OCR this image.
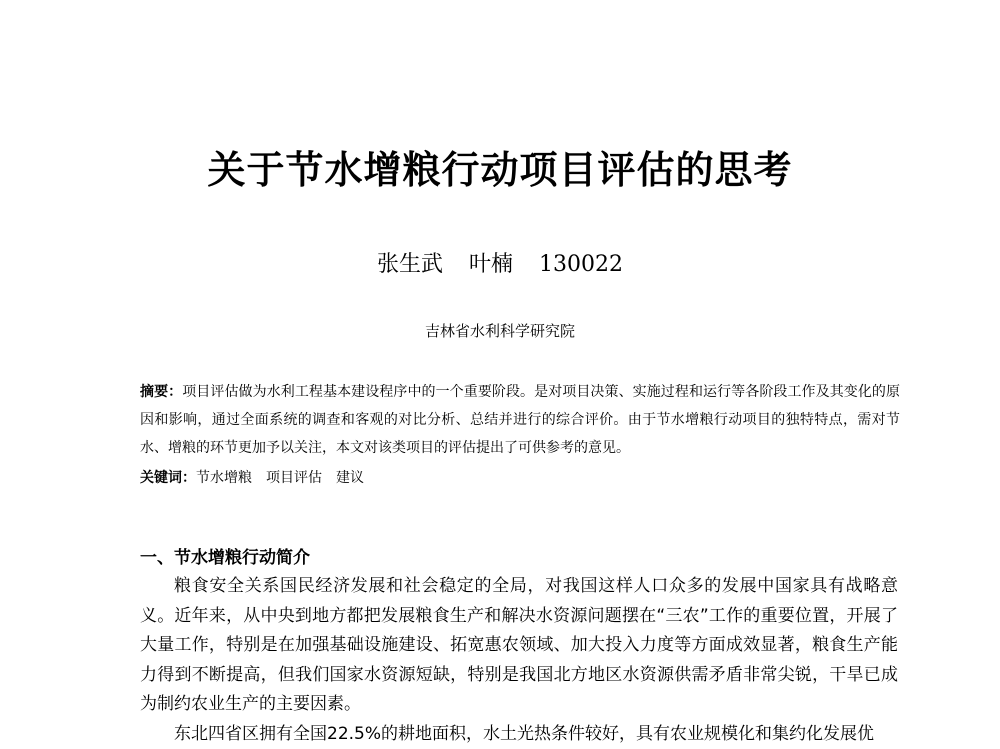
关于节水增粮行动项目评估的思考
张生武 叶楠 130022
吉林省水利科学研究院
摘要：项目评估做为水利工程基本建设程序中的一个重要阶段。是对项目决策、实施过程和运行等各阶段工作及其变化的原因和影响，通过全面系统的调查和客观的对比分析、总结并进行的综合评价。由于节水增粮行动项目的独特特点，需对节水、增粮的环节更加予以关注，本文对该类项目的评估提出了可供参考的意见。
关键词：节水增粮 项目评估 建议
一、节水增粮行动简介

粮食安全关系国民经济发展和社会稳定的全局，对我国这样人口众多的发展中国家具有战略意义。近年来，从中央到地方都把发展粮食生产和解决水资源问题摆在“三农”工作的重要位置，开展了大量工作，特别是在加强基础设施建设、拓宽惠农领域、加大投入力度等方面成效显著，粮食生产能力得到不断提高，但我们国家水资源短缺，特别是我国北方地区水资源供需矛盾非常尖锐，干旱已成为制约农业生产的主要因素。

东北四省区拥有全国22.5%的耕地面积，水土光热条件较好，具有农业规模化和集约化发展优
